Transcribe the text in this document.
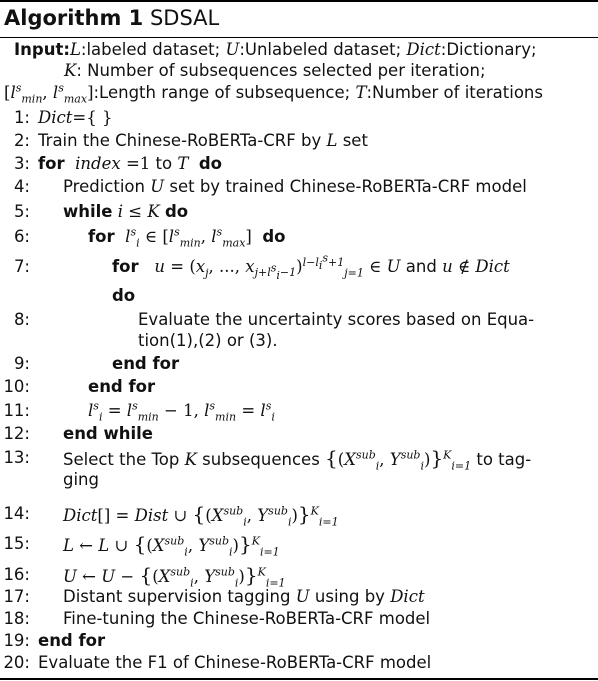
Algorithm 1 SDSAL
Input:L:labeled dataset; U:Unlabeled dataset; Dict:Dictionary;
K: Number of subsequences selected per iteration;
[$l^s_{min}$, $l^s_{max}]:Length$ range of subsequence; T:Number of iterations
1: Dict={ }
2: Train the Chinese-RoBERTa-CRF by L set
3: for index =1 to T do
4: Prediction U set by trained Chinese-RoBERTa-CRF model
5: while i ≤ K do
6:	for $l^s_i$ ∈ [$l^s_{min}$, $l^s_{max}$] do
7:	for $u = (x_j$, ..., $x_{j+l^s_i-1})^{l-l_i^s+1}_{j=1}$ ∈ U and u ∉ Dict
do
8:	Evaluate the uncertainty scores based on Equa-
tion(1),(2) or (3).
9:	end for
10:	end for
11:	$l^s_i = l^s_{min} - 1$, $l^s_{min} = l^s_i$
12: end while
13: Select the Top K subsequences {($X^{sub}_i$, $Y^{sub}_i)\}^K_{i=1}$ to tag-
ging
14: Dict[] = Dist ∪ {($X^{sub}_i$, $Y^{sub}_i)\}^K_{i=1}$
15: L ← L ∪ {($X^{sub}_i$, $Y^{sub}_i)\}^K_{i=1}$
16: U ← $U - \{(X^{sub}_i$, $Y^{sub}_i)\}^K_{i=1}$
17: Distant supervision tagging U using by Dict
18: Fine-tuning the Chinese-RoBERTa-CRF model
19: end for
20: Evaluate the F1 of Chinese-RoBERTa-CRF model
